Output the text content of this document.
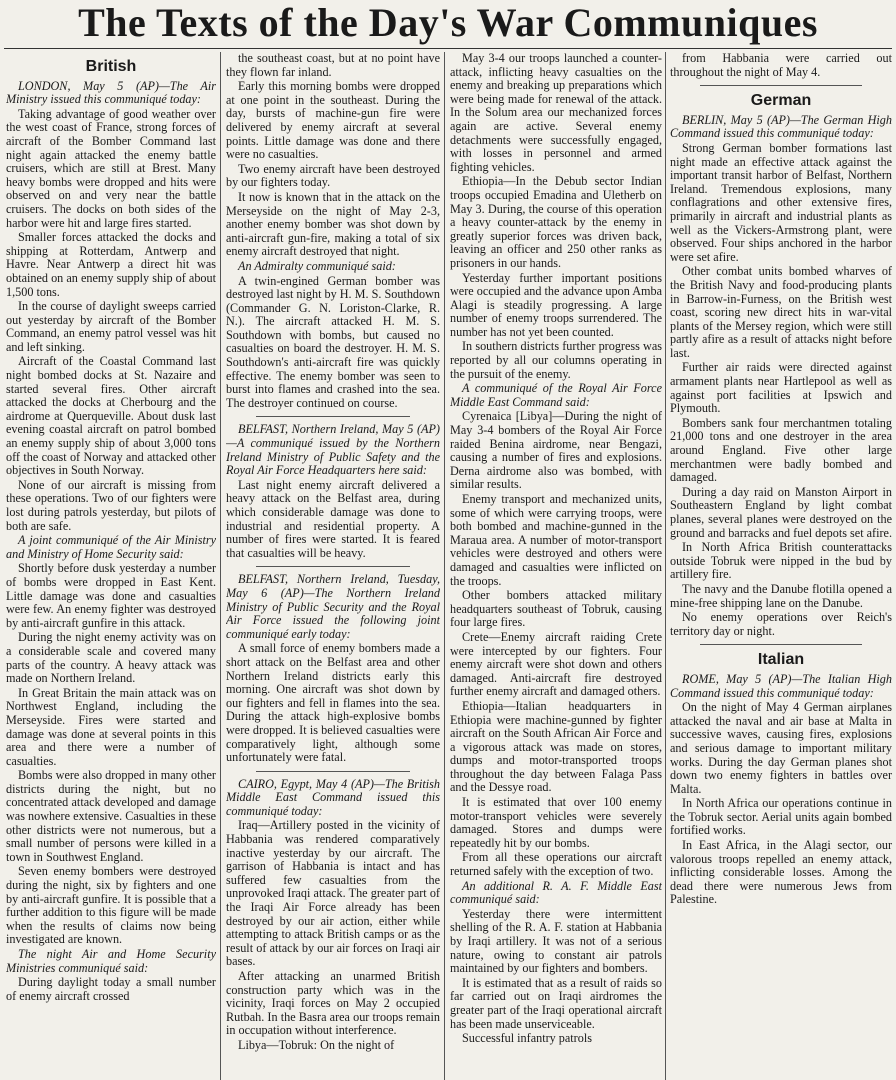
The Texts of the Day's War Communiques
British

LONDON, May 5 (AP)—The Air Ministry issued this communiqué today:

Taking advantage of good weather over the west coast of France, strong forces of aircraft of the Bomber Command last night again attacked the enemy battle cruisers, which are still at Brest. Many heavy bombs were dropped and hits were observed on and very near the battle cruisers. The docks on both sides of the harbor were hit and large fires started.

Smaller forces attacked the docks and shipping at Rotterdam, Antwerp and Havre. Near Antwerp a direct hit was obtained on an enemy supply ship of about 1,500 tons.

In the course of daylight sweeps carried out yesterday by aircraft of the Bomber Command, an enemy patrol vessel was hit and left sinking.

Aircraft of the Coastal Command last night bombed docks at St. Nazaire and started several fires. Other aircraft attacked the docks at Cherbourg and the airdrome at Querqueville. About dusk last evening coastal aircraft on patrol bombed an enemy supply ship of about 3,000 tons off the coast of Norway and attacked other objectives in South Norway.

None of our aircraft is missing from these operations. Two of our fighters were lost during patrols yesterday, but pilots of both are safe.

A joint communiqué of the Air Ministry and Ministry of Home Security said:

Shortly before dusk yesterday a number of bombs were dropped in East Kent. Little damage was done and casualties were few. An enemy fighter was destroyed by anti-aircraft gunfire in this attack.

During the night enemy activity was on a considerable scale and covered many parts of the country. A heavy attack was made on Northern Ireland.

In Great Britain the main attack was on Northwest England, including the Merseyside. Fires were started and damage was done at several points in this area and there were a number of casualties.

Bombs were also dropped in many other districts during the night, but no concentrated attack developed and damage was nowhere extensive. Casualties in these other districts were not numerous, but a small number of persons were killed in a town in Southwest England.

Seven enemy bombers were destroyed during the night, six by fighters and one by anti-aircraft gunfire. It is possible that a further addition to this figure will be made when the results of claims now being investigated are known.

The night Air and Home Security Ministries communiqué said:

During daylight today a small number of enemy aircraft crossed

the southeast coast, but at no point have they flown far inland.

Early this morning bombs were dropped at one point in the southeast. During the day, bursts of machine-gun fire were delivered by enemy aircraft at several points. Little damage was done and there were no casualties.

Two enemy aircraft have been destroyed by our fighters today.

It now is known that in the attack on the Merseyside on the night of May 2-3, another enemy bomber was shot down by anti-aircraft gun-fire, making a total of six enemy aircraft destroyed that night.

An Admiralty communiqué said:

A twin-engined German bomber was destroyed last night by H. M. S. Southdown (Commander G. N. Loriston-Clarke, R. N.). The aircraft attacked H. M. S. Southdown with bombs, but caused no casualties on board the destroyer. H. M. S. Southdown's anti-aircraft fire was quickly effective. The enemy bomber was seen to burst into flames and crashed into the sea. The destroyer continued on course.

BELFAST, Northern Ireland, May 5 (AP)—A communiqué issued by the Northern Ireland Ministry of Public Safety and the Royal Air Force Headquarters here said:

Last night enemy aircraft delivered a heavy attack on the Belfast area, during which considerable damage was done to industrial and residential property. A number of fires were started. It is feared that casualties will be heavy.

BELFAST, Northern Ireland, Tuesday, May 6 (AP)—The Northern Ireland Ministry of Public Security and the Royal Air Force issued the following joint communiqué early today:

A small force of enemy bombers made a short attack on the Belfast area and other Northern Ireland districts early this morning. One aircraft was shot down by our fighters and fell in flames into the sea. During the attack high-explosive bombs were dropped. It is believed casualties were comparatively light, although some unfortunately were fatal.

CAIRO, Egypt, May 4 (AP)—The British Middle East Command issued this communiqué today:

Iraq—Artillery posted in the vicinity of Habbania was rendered comparatively inactive yesterday by our aircraft. The garrison of Habbania is intact and has suffered few casualties from the unprovoked Iraqi attack. The greater part of the Iraqi Air Force already has been destroyed by our air action, either while attempting to attack British camps or as the result of attack by our air forces on Iraqi air bases.

After attacking an unarmed British construction party which was in the vicinity, Iraqi forces on May 2 occupied Rutbah. In the Basra area our troops remain in occupation without interference.

Libya—Tobruk: On the night of

May 3-4 our troops launched a counter-attack, inflicting heavy casualties on the enemy and breaking up preparations which were being made for renewal of the attack. In the Solum area our mechanized forces again are active. Several enemy detachments were successfully engaged, with losses in personnel and armed fighting vehicles.

Ethiopia—In the Debub sector Indian troops occupied Emadina and Uletherb on May 3. During, the course of this operation a heavy counter-attack by the enemy in greatly superior forces was driven back, leaving an officer and 250 other ranks as prisoners in our hands.

Yesterday further important positions were occupied and the advance upon Amba Alagi is steadily progressing. A large number of enemy troops surrendered. The number has not yet been counted.

In southern districts further progress was reported by all our columns operating in the pursuit of the enemy.

A communiqué of the Royal Air Force Middle East Command said:

Cyrenaica [Libya]—During the night of May 3-4 bombers of the Royal Air Force raided Benina airdrome, near Bengazi, causing a number of fires and explosions. Derna airdrome also was bombed, with similar results.

Enemy transport and mechanized units, some of which were carrying troops, were both bombed and machine-gunned in the Maraua area. A number of motor-transport vehicles were destroyed and others were damaged and casualties were inflicted on the troops.

Other bombers attacked military headquarters southeast of Tobruk, causing four large fires.

Crete—Enemy aircraft raiding Crete were intercepted by our fighters. Four enemy aircraft were shot down and others damaged. Anti-aircraft fire destroyed further enemy aircraft and damaged others.

Ethiopia—Italian headquarters in Ethiopia were machine-gunned by fighter aircraft on the South African Air Force and a vigorous attack was made on stores, dumps and motor-transported troops throughout the day between Falaga Pass and the Dessye road.

It is estimated that over 100 enemy motor-transport vehicles were severely damaged. Stores and dumps were repeatedly hit by our bombs.

From all these operations our aircraft returned safely with the exception of two.

An additional R. A. F. Middle East communiqué said:

Yesterday there were intermittent shelling of the R. A. F. station at Habbania by Iraqi artillery. It was not of a serious nature, owing to constant air patrols maintained by our fighters and bombers.

It is estimated that as a result of raids so far carried out on Iraqi airdromes the greater part of the Iraqi operational aircraft has been made unserviceable.

Successful infantry patrols

from Habbania were carried out throughout the night of May 4.

German

BERLIN, May 5 (AP)—The German High Command issued this communiqué today:

Strong German bomber formations last night made an effective attack against the important transit harbor of Belfast, Northern Ireland. Tremendous explosions, many conflagrations and other extensive fires, primarily in aircraft and industrial plants as well as the Vickers-Armstrong plant, were observed. Four ships anchored in the harbor were set afire.

Other combat units bombed wharves of the British Navy and food-producing plants in Barrow-in-Furness, on the British west coast, scoring new direct hits in war-vital plants of the Mersey region, which were still partly afire as a result of attacks night before last.

Further air raids were directed against armament plants near Hartlepool as well as against port facilities at Ipswich and Plymouth.

Bombers sank four merchantmen totaling 21,000 tons and one destroyer in the area around England. Five other large merchantmen were badly bombed and damaged.

During a day raid on Manston Airport in Southeastern England by light combat planes, several planes were destroyed on the ground and barracks and fuel depots set afire.

In North Africa British counterattacks outside Tobruk were nipped in the bud by artillery fire.

The navy and the Danube flotilla opened a mine-free shipping lane on the Danube.

No enemy operations over Reich's territory day or night.

Italian

ROME, May 5 (AP)—The Italian High Command issued this communiqué today:

On the night of May 4 German airplanes attacked the naval and air base at Malta in successive waves, causing fires, explosions and serious damage to important military works. During the day German planes shot down two enemy fighters in battles over Malta.

In North Africa our operations continue in the Tobruk sector. Aerial units again bombed fortified works.

In East Africa, in the Alagi sector, our valorous troops repelled an enemy attack, inflicting considerable losses. Among the dead there were numerous Jews from Palestine.
